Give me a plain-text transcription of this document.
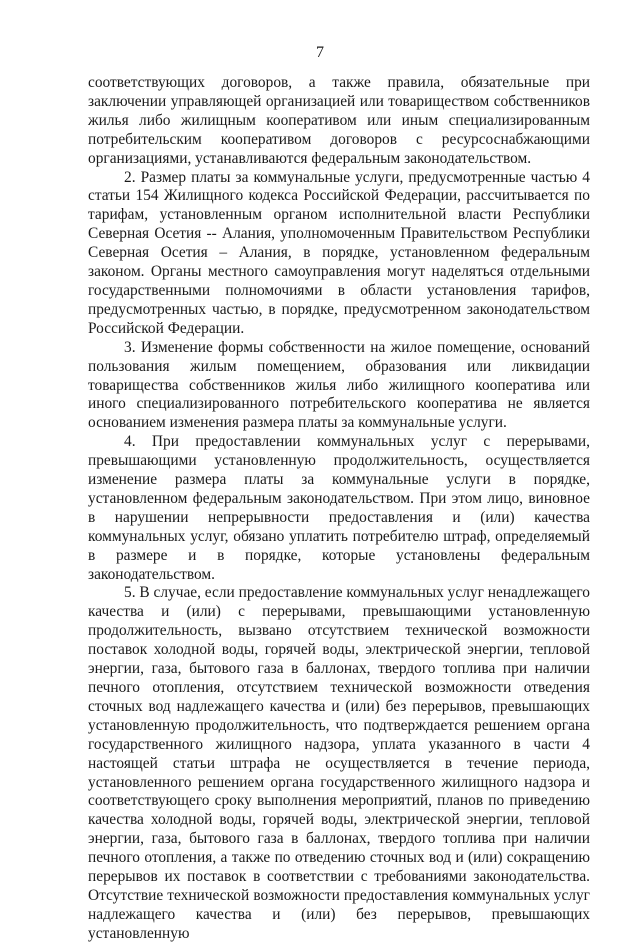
7

соответствующих договоров, а также правила, обязательные при заключении управляющей организацией или товариществом собственников жилья либо жилищным кооперативом или иным специализированным потребительским кооперативом договоров с ресурсоснабжающими организациями, устанавливаются федеральным законодательством.

2. Размер платы за коммунальные услуги, предусмотренные частью 4 статьи 154 Жилищного кодекса Российской Федерации, рассчитывается по тарифам, установленным органом исполнительной власти Республики Северная Осетия -- Алания, уполномоченным Правительством Республики Северная Осетия – Алания, в порядке, установленном федеральным законом. Органы местного самоуправления могут наделяться отдельными государственными полномочиями в области установления тарифов, предусмотренных частью, в порядке, предусмотренном законодательством Российской Федерации.

3. Изменение формы собственности на жилое помещение, оснований пользования жилым помещением, образования или ликвидации товарищества собственников жилья либо жилищного кооператива или иного специализированного потребительского кооператива не является основанием изменения размера платы за коммунальные услуги.

4. При предоставлении коммунальных услуг с перерывами, превышающими установленную продолжительность, осуществляется изменение размера платы за коммунальные услуги в порядке, установленном федеральным законодательством. При этом лицо, виновное в нарушении непрерывности предоставления и (или) качества коммунальных услуг, обязано уплатить потребителю штраф, определяемый в размере и в порядке, которые установлены федеральным законодательством.

5. В случае, если предоставление коммунальных услуг ненадлежащего качества и (или) с перерывами, превышающими установленную продолжительность, вызвано отсутствием технической возможности поставок холодной воды, горячей воды, электрической энергии, тепловой энергии, газа, бытового газа в баллонах, твердого топлива при наличии печного отопления, отсутствием технической возможности отведения сточных вод надлежащего качества и (или) без перерывов, превышающих установленную продолжительность, что подтверждается решением органа государственного жилищного надзора, уплата указанного в части 4 настоящей статьи штрафа не осуществляется в течение периода, установленного решением органа государственного жилищного надзора и соответствующего сроку выполнения мероприятий, планов по приведению качества холодной воды, горячей воды, электрической энергии, тепловой энергии, газа, бытового газа в баллонах, твердого топлива при наличии печного отопления, а также по отведению сточных вод и (или) сокращению перерывов их поставок в соответствии с требованиями законодательства. Отсутствие технической возможности предоставления коммунальных услуг надлежащего качества и (или) без перерывов, превышающих установленную
